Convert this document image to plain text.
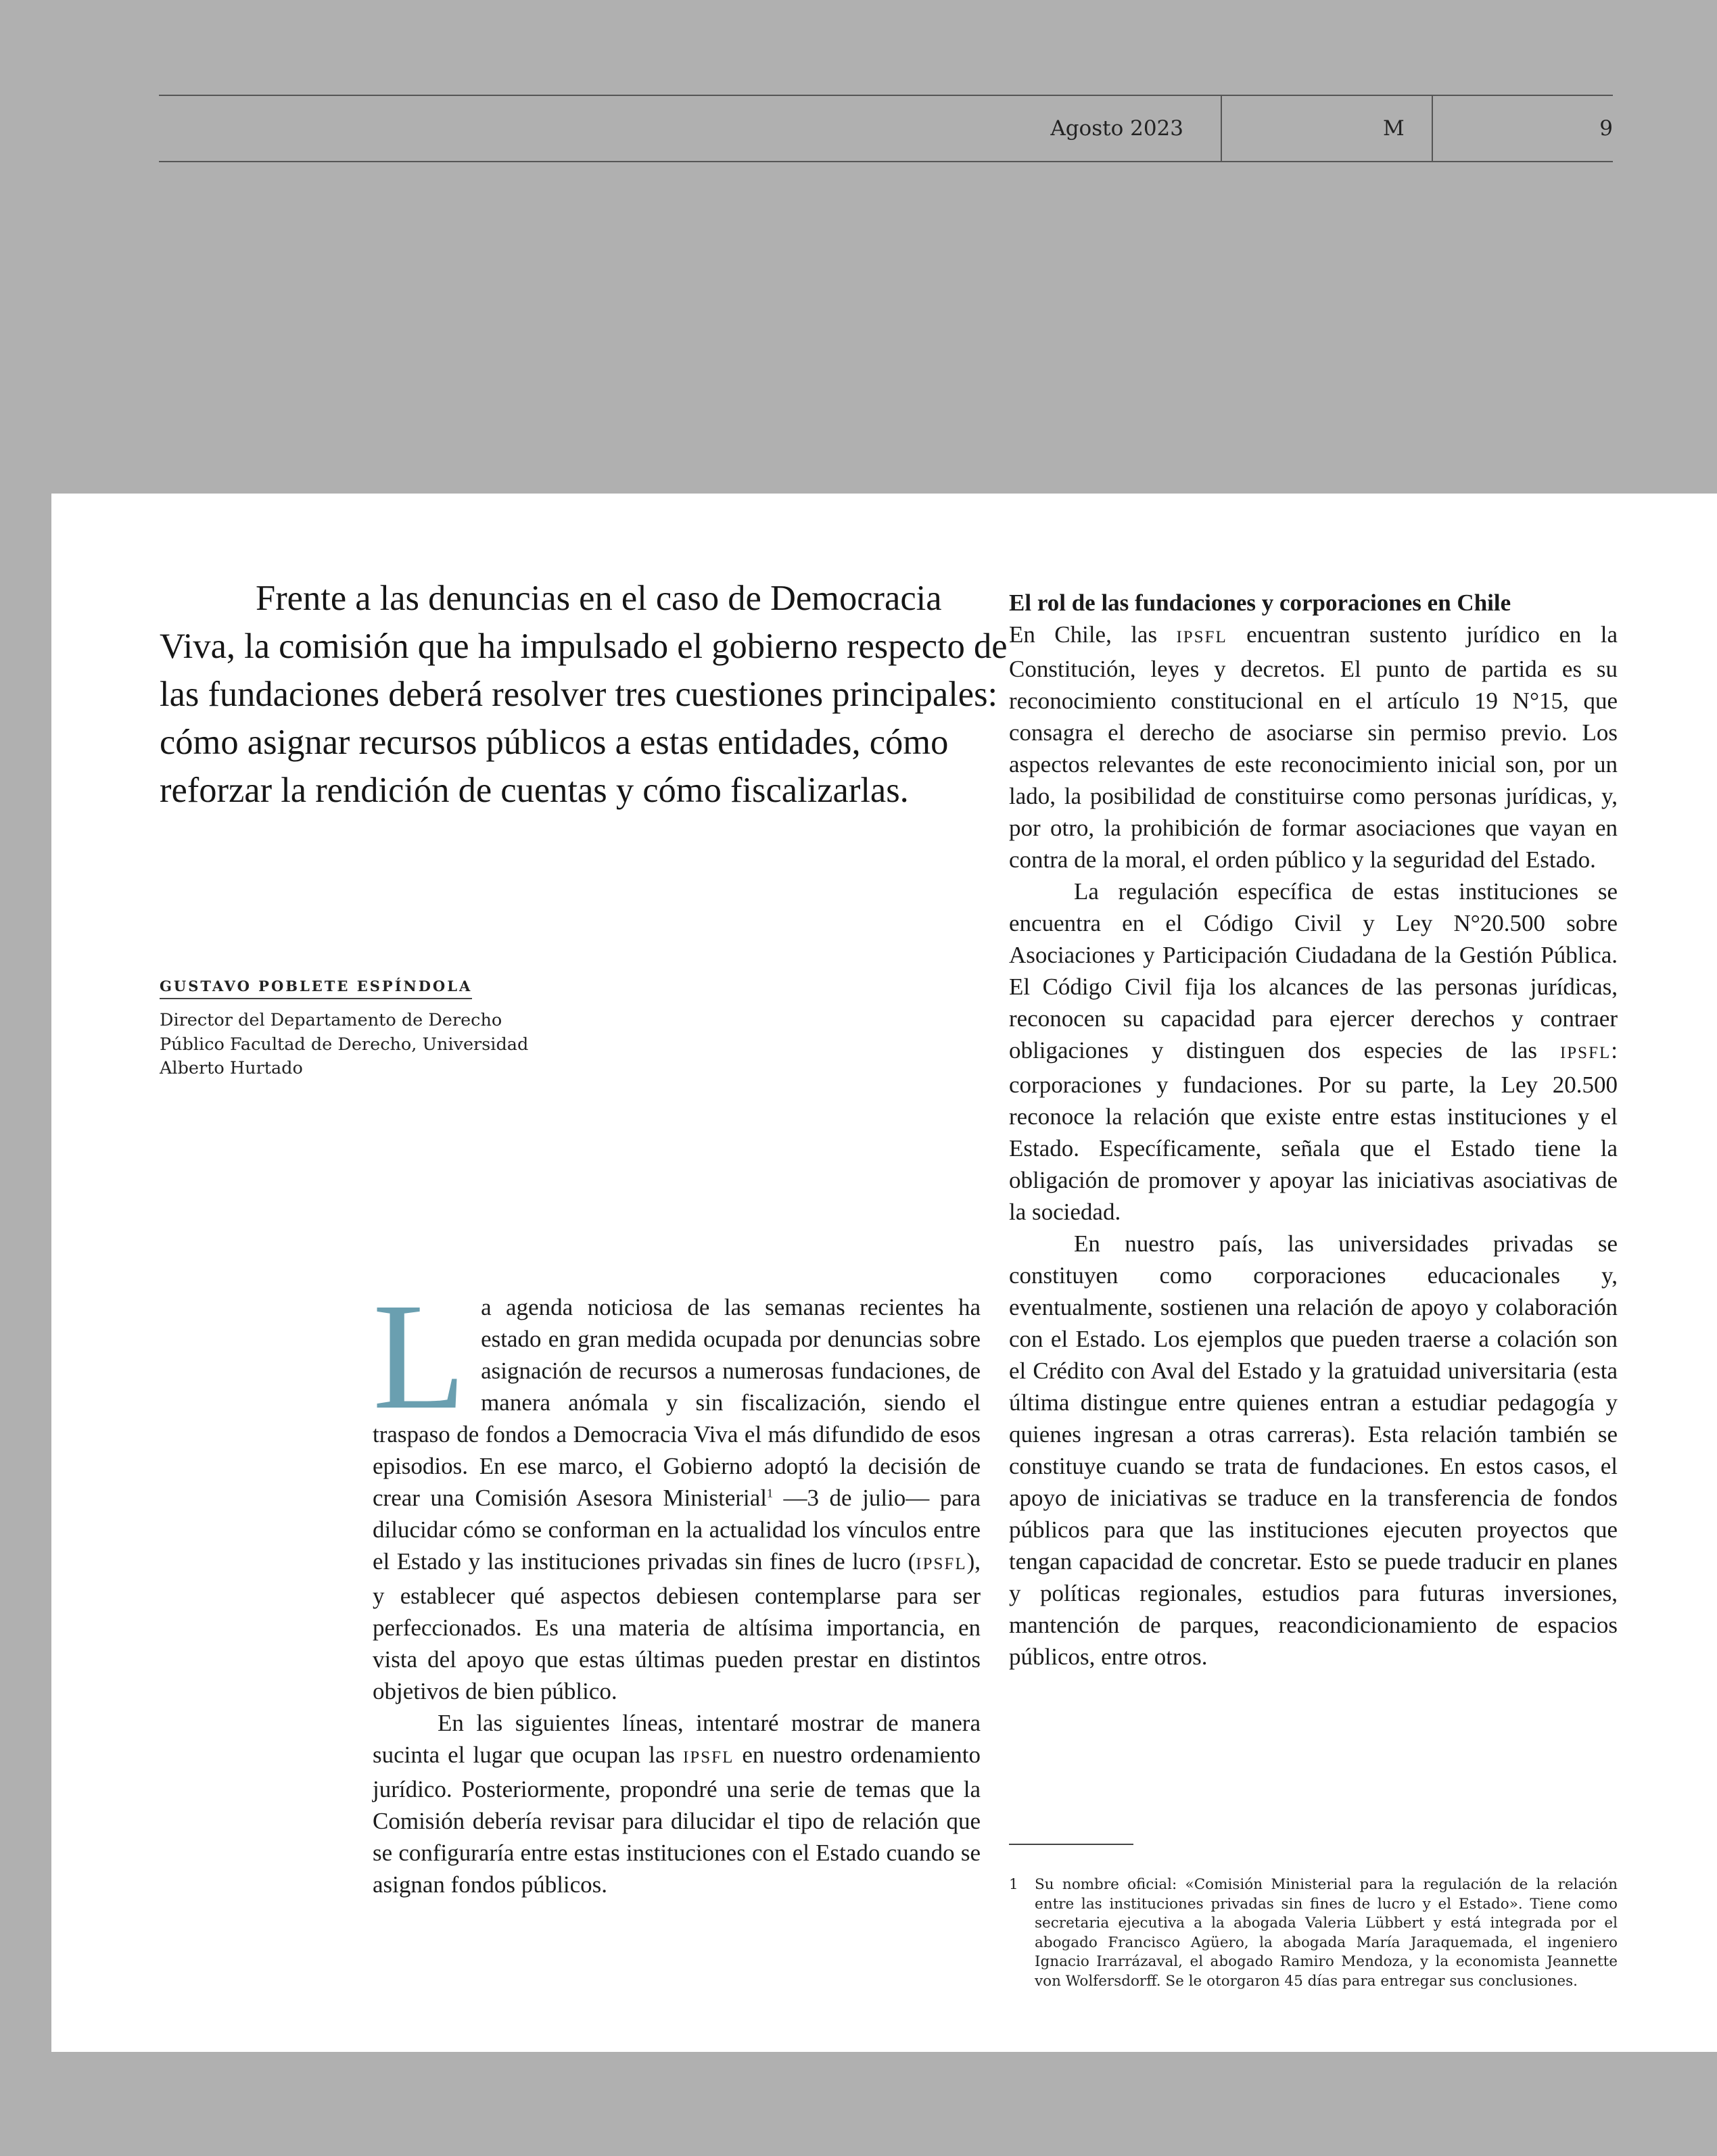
Agosto 2023	M	9

Frente a las denuncias en el caso de Democracia Viva, la comisión que ha impulsado el gobierno respecto de las fundaciones deberá resolver tres cuestiones principales: cómo asignar recursos públicos a estas entidades, cómo reforzar la rendición de cuentas y cómo fiscalizarlas.

GUSTAVO POBLETE ESPÍNDOLA

Director del Departamento de Derecho
Público Facultad de Derecho, Universidad
Alberto Hurtado

La agenda noticiosa de las semanas recientes ha estado en gran medida ocupada por denuncias sobre asignación de recursos a numerosas fundaciones, de manera anómala y sin fiscalización, siendo el traspaso de fondos a Democracia Viva el más difundido de esos episodios. En ese marco, el Gobierno adoptó la decisión de crear una Comisión Asesora Ministerial$^1$ —3 de julio— para dilucidar cómo se conforman en la actualidad los vínculos entre el Estado y las instituciones privadas sin fines de lucro (IPSFL), y establecer qué aspectos debiesen contemplarse para ser perfeccionados. Es una materia de altísima importancia, en vista del apoyo que estas últimas pueden prestar en distintos objetivos de bien público.

En las siguientes líneas, intentaré mostrar de manera sucinta el lugar que ocupan las IPSFL en nuestro ordenamiento jurídico. Posteriormente, propondré una serie de temas que la Comisión debería revisar para dilucidar el tipo de relación que se configuraría entre estas instituciones con el Estado cuando se asignan fondos públicos.

El rol de las fundaciones y corporaciones en Chile

En Chile, las IPSFL encuentran sustento jurídico en la Constitución, leyes y decretos. El punto de partida es su reconocimiento constitucional en el artículo 19 N°15, que consagra el derecho de asociarse sin permiso previo. Los aspectos relevantes de este reconocimiento inicial son, por un lado, la posibilidad de constituirse como personas jurídicas, y, por otro, la prohibición de formar asociaciones que vayan en contra de la moral, el orden público y la seguridad del Estado.

La regulación específica de estas instituciones se encuentra en el Código Civil y Ley N°20.500 sobre Asociaciones y Participación Ciudadana de la Gestión Pública. El Código Civil fija los alcances de las personas jurídicas, reconocen su capacidad para ejercer derechos y contraer obligaciones y distinguen dos especies de las IPSFL: corporaciones y fundaciones. Por su parte, la Ley 20.500 reconoce la relación que existe entre estas instituciones y el Estado. Específicamente, señala que el Estado tiene la obligación de promover y apoyar las iniciativas asociativas de la sociedad.

En nuestro país, las universidades privadas se constituyen como corporaciones educacionales y, eventualmente, sostienen una relación de apoyo y colaboración con el Estado. Los ejemplos que pueden traerse a colación son el Crédito con Aval del Estado y la gratuidad universitaria (esta última distingue entre quienes entran a estudiar pedagogía y quienes ingresan a otras carreras). Esta relación también se constituye cuando se trata de fundaciones. En estos casos, el apoyo de iniciativas se traduce en la transferencia de fondos públicos para que las instituciones ejecuten proyectos que tengan capacidad de concretar. Esto se puede traducir en planes y políticas regionales, estudios para futuras inversiones, mantención de parques, reacondicionamiento de espacios públicos, entre otros.

1 Su nombre oficial: «Comisión Ministerial para la regulación de la relación entre las instituciones privadas sin fines de lucro y el Estado». Tiene como secretaria ejecutiva a la abogada Valeria Lübbert y está integrada por el abogado Francisco Agüero, la abogada María Jaraquemada, el ingeniero Ignacio Irarrázaval, el abogado Ramiro Mendoza, y la economista Jeannette von Wolfersdorff. Se le otorgaron 45 días para entregar sus conclusiones.
